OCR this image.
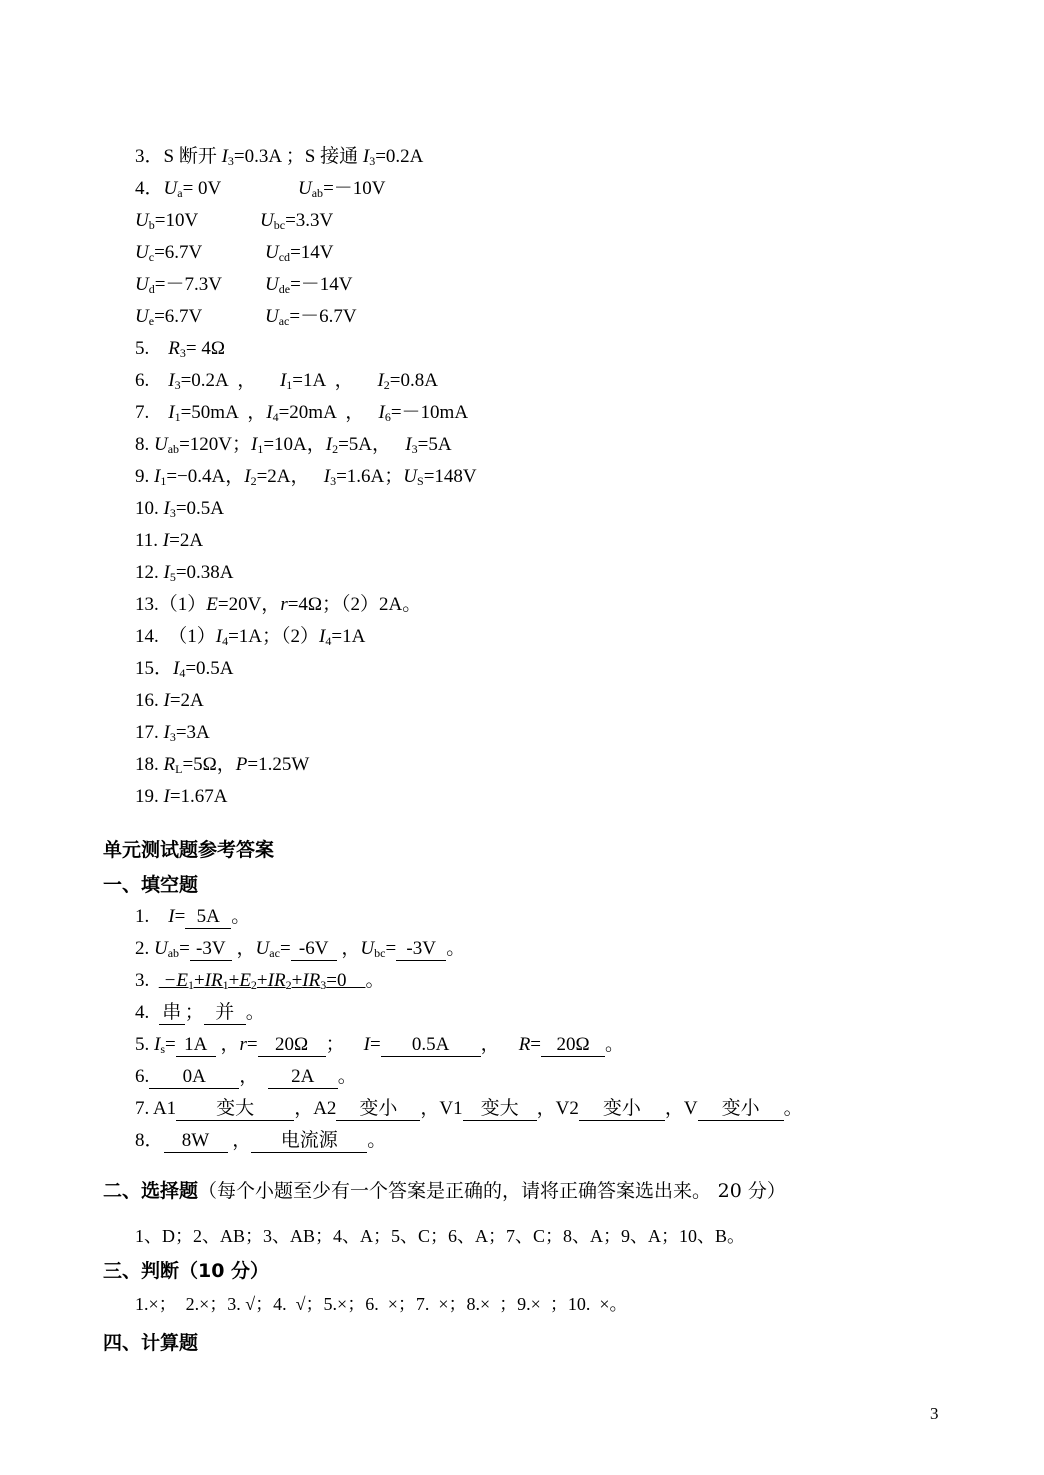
3．S 断开 $I_3=0.3A$ ；S 接通 $I_3=0.2A$
4．$U_a= 0V$	$U_{ab}=-10V$
$U_b=10V$	$U_{bc}=3.3V$
$U_c=6.7V$	$U_{cd}=14V$
$U_d=-7.3V$ $U_{de}=-14V$
$U_e=6.7V$	$U_{ac}=-6.7V$
5.    $R_3= 4\Omega$
6.    $I_3=0.2A$  ，     $I_1=1A$  ，     $I_2=0.8A$
7.    $I_1=50mA$  ，$I_4=20mA$  ，   $I_6=-10mA$
8. $U_{ab}=120V$；$I_1=10A$，$I_2=5A$，   $I_3=5A$
9. $I_1=-0.4A$，$I_2=2A$，   $I_3=1.6A$；$U_S=148V$
10. $I_3=0.5A$
11. I=2A
12. $I_5=0.38A$
13.（1）E=20V，r=4Ω；（2）2A。
14.  $(1)I_4=1A$；$(2)I_4=1A$
15．$I_4=0.5A$
16. I=2A
17. $I_3=3A$
18. $R_L=5\Omega$，P=1.25W
19. I=1.67A
单元测试题参考答案
一、填空题
1.    I= 5A 。
2. $U_{ab}= -3V$ ，$U_{ac}= -6V$ ，$U_{bc}= -3V$ 。
3.   $-E_1+IR_1+E_2+IR_2+IR_3=0$    。
4.  串 ； 并 。
5. $I_s= 1A$ ，r= 20Ω ；    I= 0.5A ，    R= 20Ω 。
6. 0A ，  2A 。
7. A1 变大 ，A2 变小 ，V1 变大 ，V2 变小 ，V 变小 。
8． 8W ， 电流源 。
二、选择题（每个小题至少有一个答案是正确的，请将正确答案选出来。 20 分）
1、D；2、AB；3、AB；4、A；5、C；6、A；7、C；8、A；9、A；10、B。
三、判断（10 分）
1.×；  2.×；3. √；4.  √；5.×；6.  ×；7.  ×；8.×  ；9.×  ；10.  ×。
四、计算题
3
